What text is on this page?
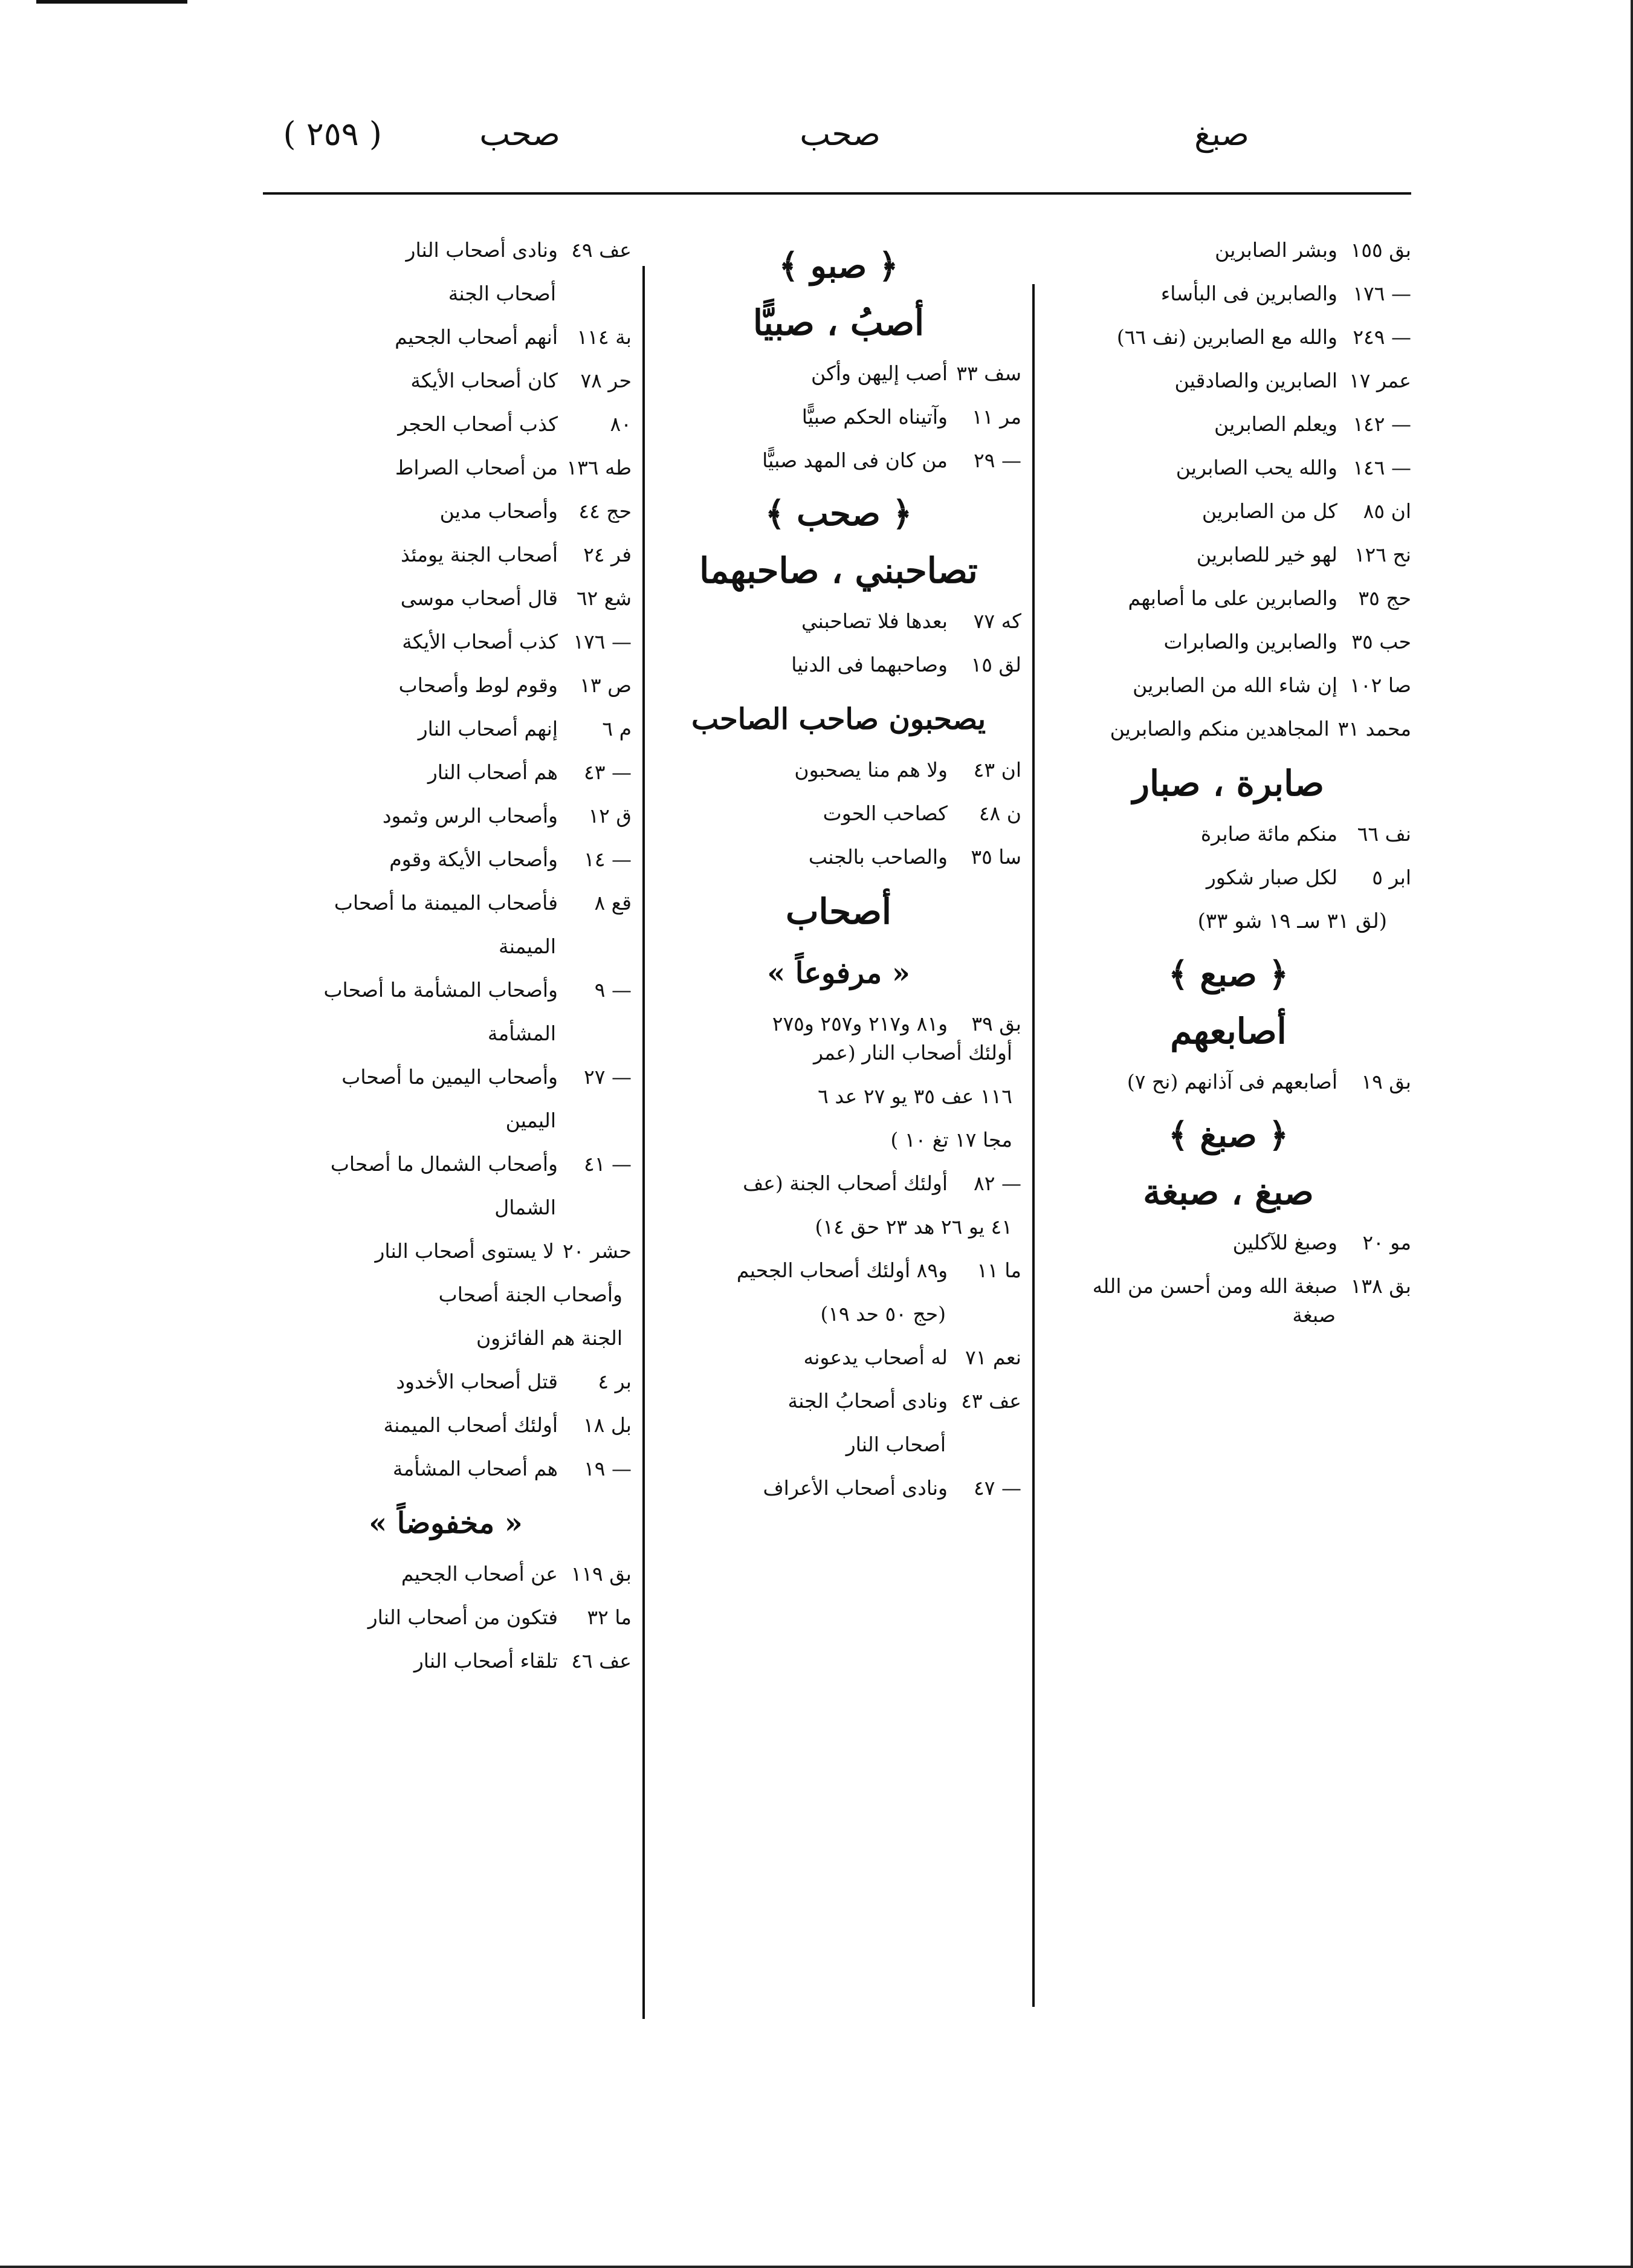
صبغ
صحب
صحب
( ٢٥٩ )
بق ١٥٥
وبشر الصابرين
— ١٧٦
والصابرين فى البأساء
— ٢٤٩
والله مع الصابرين (نف ٦٦)
عمر ١٧
الصابرين والصادقين
— ١٤٢
ويعلم الصابرين
— ١٤٦
والله يحب الصابرين
ان ٨٥
كل من الصابرين
نح ١٢٦
لهو خير للصابرين
حج ٣٥
والصابرين على ما أصابهم
حب ٣٥
والصابرين والصابرات
صا ١٠٢
إن شاء الله من الصابرين
محمد ٣١
المجاهدين منكم والصابرين
صابرة ، صبار
نف ٦٦
منكم مائة صابرة
ابر ٥
لكل صبار شكور
(لق ٣١ سـ ١٩ شو ٣٣)
﴿ صبع ﴾
أصابعهم
بق ١٩
أصابعهم فى آذانهم (نح ٧)
﴿ صبغ ﴾
صبغ ، صبغة
مو ٢٠
وصبغ للآكلين
بق ١٣٨
صبغة الله ومن أحسن من الله
صبغة
﴿ صبو ﴾
أصبُ ، صبيًّا
سف ٣٣
أصب إليهن وأكن
مر ١١
وآتيناه الحكم صبيًّا
— ٢٩
من كان فى المهد صبيًّا
﴿ صحب ﴾
تصاحبني ، صاحبهما
كه ٧٧
بعدها فلا تصاحبني
لق ١٥
وصاحبهما فى الدنيا
يصحبون صاحب الصاحب
ان ٤٣
ولا هم منا يصحبون
ن ٤٨
كصاحب الحوت
سا ٣٥
والصاحب بالجنب
أصحاب
« مرفوعاً »
بق ٣٩
و٨١ و٢١٧ و٢٥٧ و٢٧٥
أولئك أصحاب النار (عمر
١١٦ عف ٣٥ يو ٢٧ عد ٦
مجا ١٧ تغ ١٠ )
— ٨٢
أولئك أصحاب الجنة (عف
٤١ يو ٢٦ هد ٢٣ حق ١٤)
ما ١١
و٨٩ أولئك أصحاب الجحيم
(حج ٥٠ حد ١٩)
نعم ٧١
له أصحاب يدعونه
عف ٤٣
ونادى أصحابُ الجنة
أصحاب النار
— ٤٧
ونادى أصحاب الأعراف
عف ٤٩
ونادى أصحاب النار
أصحاب الجنة
بة ١١٤
أنهم أصحاب الجحيم
حر ٧٨
كان أصحاب الأيكة
٨٠
كذب أصحاب الحجر
طه ١٣٦
من أصحاب الصراط
حج ٤٤
وأصحاب مدين
فر ٢٤
أصحاب الجنة يومئذ
شع ٦٢
قال أصحاب موسى
— ١٧٦
كذب أصحاب الأيكة
ص ١٣
وقوم لوط وأصحاب
م ٦
إنهم أصحاب النار
— ٤٣
هم أصحاب النار
ق ١٢
وأصحاب الرس وثمود
— ١٤
وأصحاب الأيكة وقوم
قع ٨
فأصحاب الميمنة ما أصحاب
الميمنة
— ٩
وأصحاب المشأمة ما أصحاب
المشأمة
— ٢٧
وأصحاب اليمين ما أصحاب
اليمين
— ٤١
وأصحاب الشمال ما أصحاب
الشمال
حشر ٢٠
لا يستوى أصحاب النار
وأصحاب الجنة أصحاب
الجنة هم الفائزون
بر ٤
قتل أصحاب الأخدود
بل ١٨
أولئك أصحاب الميمنة
— ١٩
هم أصحاب المشأمة
« مخفوضاً »
بق ١١٩
عن أصحاب الجحيم
ما ٣٢
فتكون من أصحاب النار
عف ٤٦
تلقاء أصحاب النار
